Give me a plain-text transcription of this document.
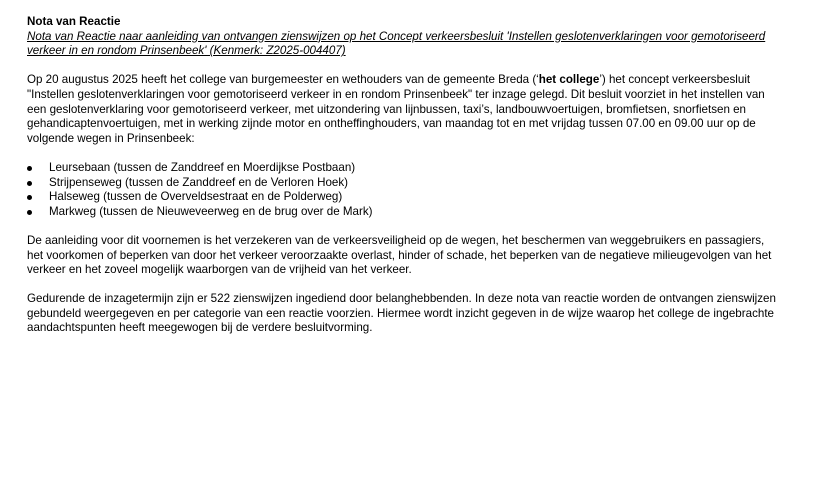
Nota van Reactie
Nota van Reactie naar aanleiding van ontvangen zienswijzen op het Concept verkeersbesluit 'Instellen geslotenverklaringen voor gemotoriseerd verkeer in en rondom Prinsenbeek' (Kenmerk: Z2025-004407)

Op 20 augustus 2025 heeft het college van burgemeester en wethouders van de gemeente Breda (‘het college’) het concept verkeersbesluit "Instellen geslotenverklaringen voor gemotoriseerd verkeer in en rondom Prinsenbeek" ter inzage gelegd. Dit besluit voorziet in het instellen van een geslotenverklaring voor gemotoriseerd verkeer, met uitzondering van lijnbussen, taxi’s, landbouwvoertuigen, bromfietsen, snorfietsen en gehandicaptenvoertuigen, met in werking zijnde motor en ontheffinghouders, van maandag tot en met vrijdag tussen 07.00 en 09.00 uur op de volgende wegen in Prinsenbeek:

Leursebaan (tussen de Zanddreef en Moerdijkse Postbaan)
Strijpenseweg (tussen de Zanddreef en de Verloren Hoek)
Halseweg (tussen de Overveldsestraat en de Polderweg)
Markweg (tussen de Nieuweveerweg en de brug over de Mark)

De aanleiding voor dit voornemen is het verzekeren van de verkeersveiligheid op de wegen, het beschermen van weggebruikers en passagiers, het voorkomen of beperken van door het verkeer veroorzaakte overlast, hinder of schade, het beperken van de negatieve milieugevolgen van het verkeer en het zoveel mogelijk waarborgen van de vrijheid van het verkeer.

Gedurende de inzagetermijn zijn er 522 zienswijzen ingediend door belanghebbenden. In deze nota van reactie worden de ontvangen zienswijzen gebundeld weergegeven en per categorie van een reactie voorzien. Hiermee wordt inzicht gegeven in de wijze waarop het college de ingebrachte aandachtspunten heeft meegewogen bij de verdere besluitvorming.
